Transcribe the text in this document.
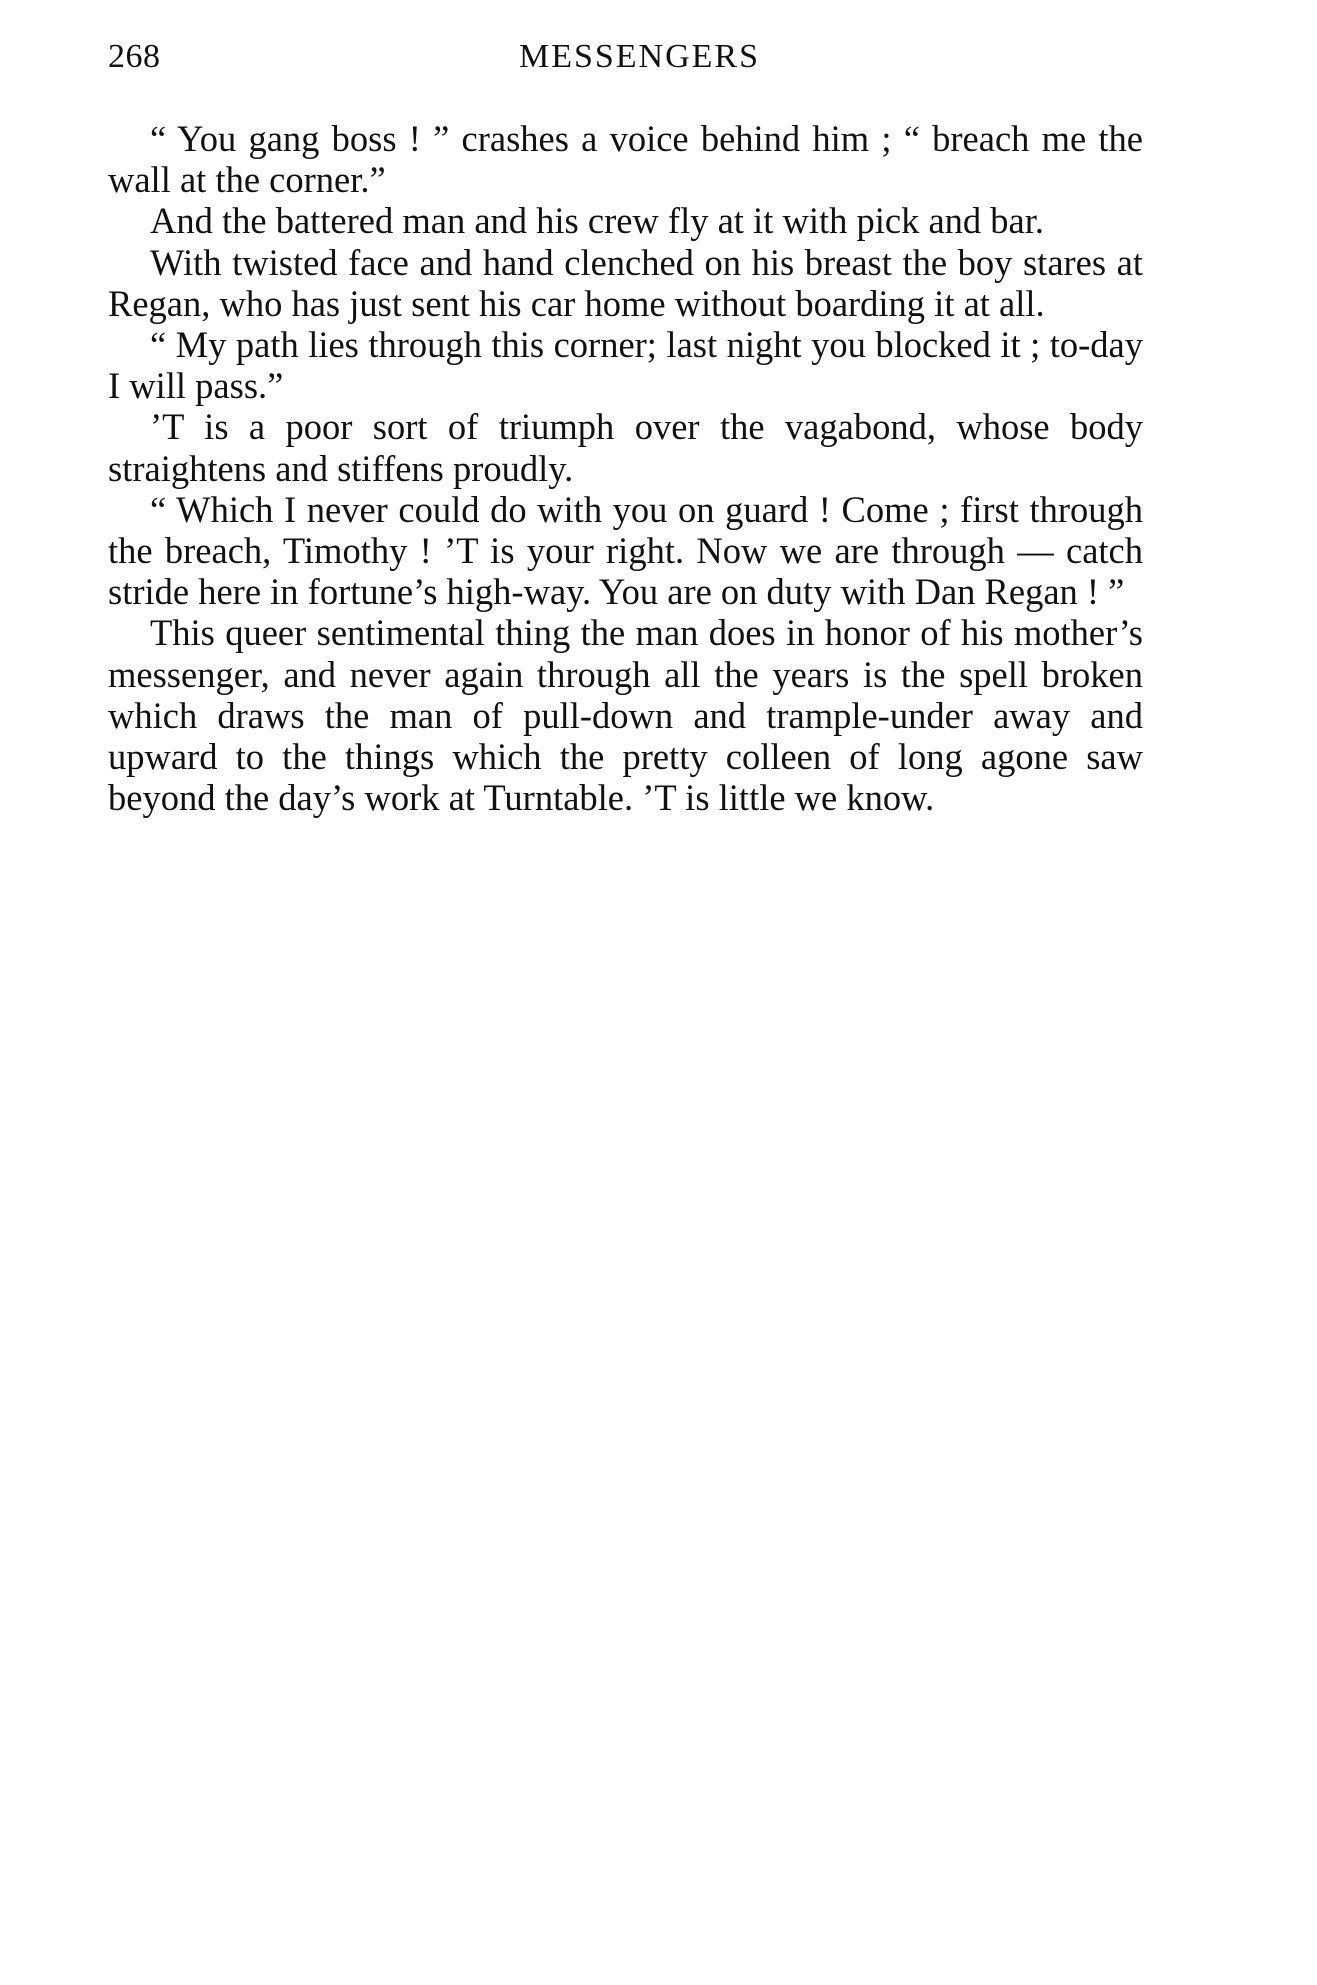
268	MESSENGERS

“ You gang boss ! ” crashes a voice behind him ; “ breach me the wall at the corner.”

And the battered man and his crew fly at it with pick and bar.

With twisted face and hand clenched on his breast the boy stares at Regan, who has just sent his car home without boarding it at all.

“ My path lies through this corner; last night you blocked it ; to-day I will pass.”

’T is a poor sort of triumph over the vagabond, whose body straightens and stiffens proudly.

“ Which I never could do with you on guard ! Come ; first through the breach, Timothy ! ’T is your right. Now we are through — catch stride here in fortune’s high-way. You are on duty with Dan Regan ! ”

This queer sentimental thing the man does in honor of his mother’s messenger, and never again through all the years is the spell broken which draws the man of pull-down and trample-under away and upward to the things which the pretty colleen of long agone saw beyond the day’s work at Turntable. ’T is little we know.
